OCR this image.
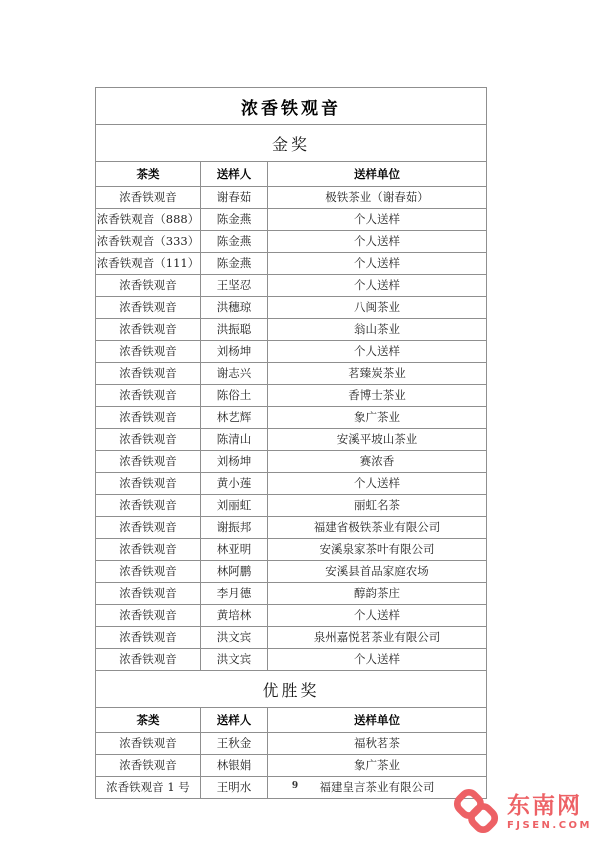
浓香铁观音		
金奖		
茶类	送样人	送样单位
浓香铁观音	谢春茹	极铁茶业（谢春茹）
浓香铁观音（888）	陈金燕	个人送样
浓香铁观音（333）	陈金燕	个人送样
浓香铁观音（111）	陈金燕	个人送样
浓香铁观音	王坚忍	个人送样
浓香铁观音	洪穗琼	八闽茶业
浓香铁观音	洪振聪	翁山茶业
浓香铁观音	刘杨坤	个人送样
浓香铁观音	谢志兴	茗臻炭茶业
浓香铁观音	陈俗土	香博士茶业
浓香铁观音	林艺辉	象广茶业
浓香铁观音	陈清山	安溪平坡山茶业
浓香铁观音	刘杨坤	赛浓香
浓香铁观音	黄小莲	个人送样
浓香铁观音	刘丽虹	丽虹名茶
浓香铁观音	谢振邦	福建省极铁茶业有限公司
浓香铁观音	林亚明	安溪泉家茶叶有限公司
浓香铁观音	林阿鹏	安溪县首品家庭农场
浓香铁观音	李月德	醇韵茶庄
浓香铁观音	黄培林	个人送样
浓香铁观音	洪文宾	泉州嘉悦茗茶业有限公司
浓香铁观音	洪文宾	个人送样
优胜奖		
茶类	送样人	送样单位
浓香铁观音	王秋金	福秋茗茶
浓香铁观音	林银娟	象广茶业
浓香铁观音 1 号	王明水	福建皇言茶业有限公司
9
东南网
FJSEN.COM
